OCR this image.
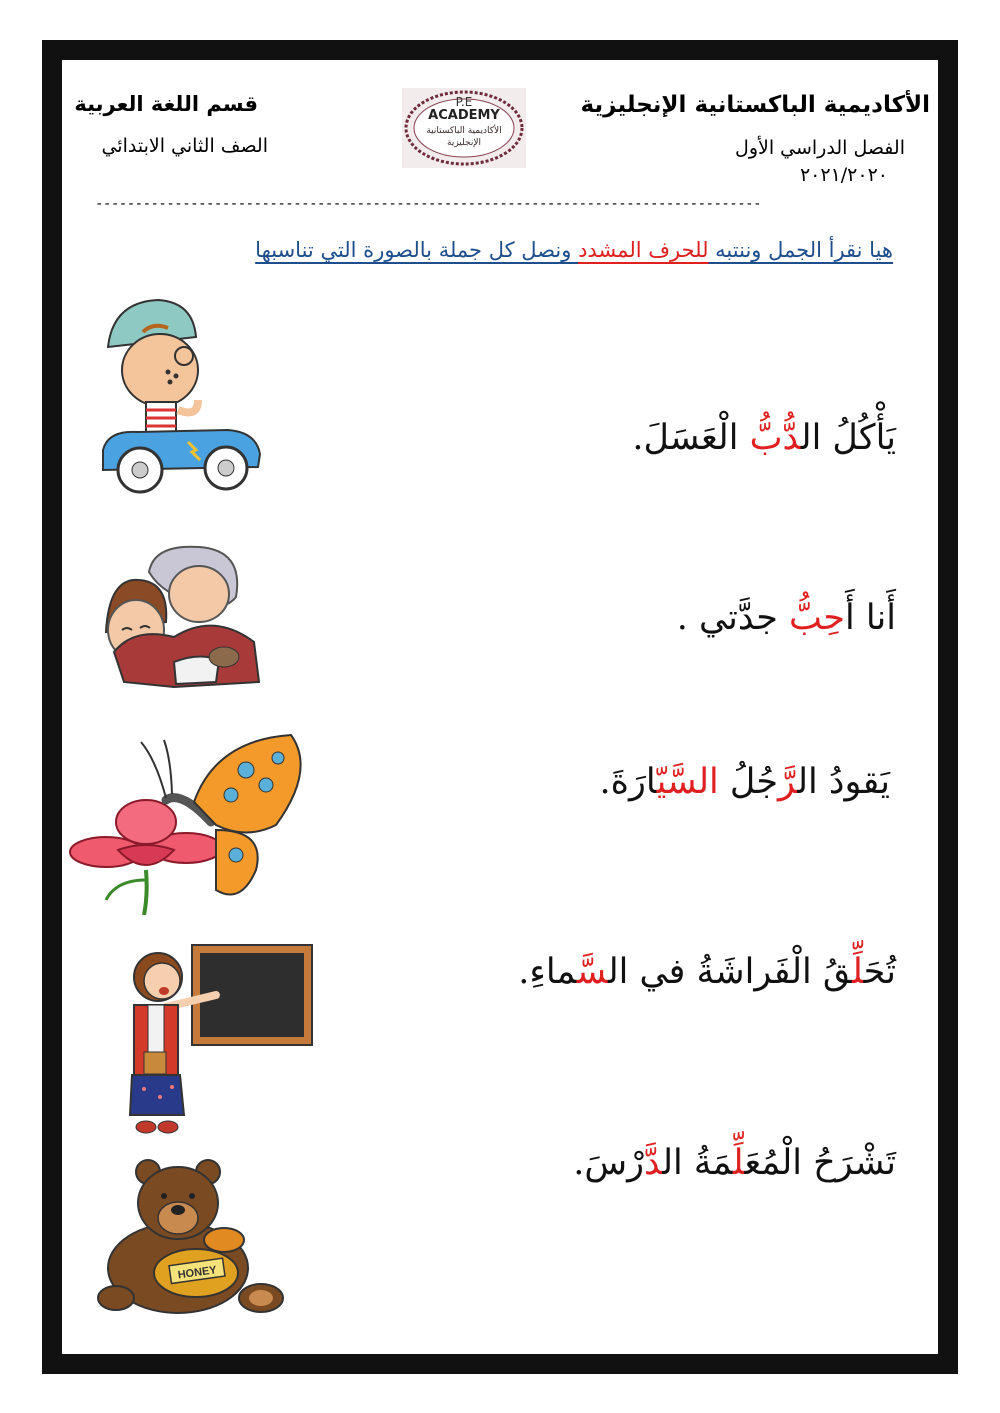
الأكاديمية الباكستانية الإنجليزية
الفصل الدراسي الأول
٢٠٢١/٢٠٢٠
قسم اللغة العربية
الصف الثاني الابتدائي
P.E
ACADEMY
الأكاديمية الباكستانية
الإنجليزية
------------------------------------------------------------------------------------
هيا نقرأ الجمل وننتبه للحرف المشدد ونصل كل جملة بالصورة التي تناسبها
يَأْكُلُ الدُّبُّ الْعَسَلَ.
أَنا أَحِبُّ جدَّتي .
يَقودُ الرَّجُلُ السَّيّارَةَ.
تُحَلِّقُ الْفَراشَةُ في السَّماءِ.
تَشْرَحُ الْمُعَلِّمَةُ الدَّرْسَ.
HONEY
